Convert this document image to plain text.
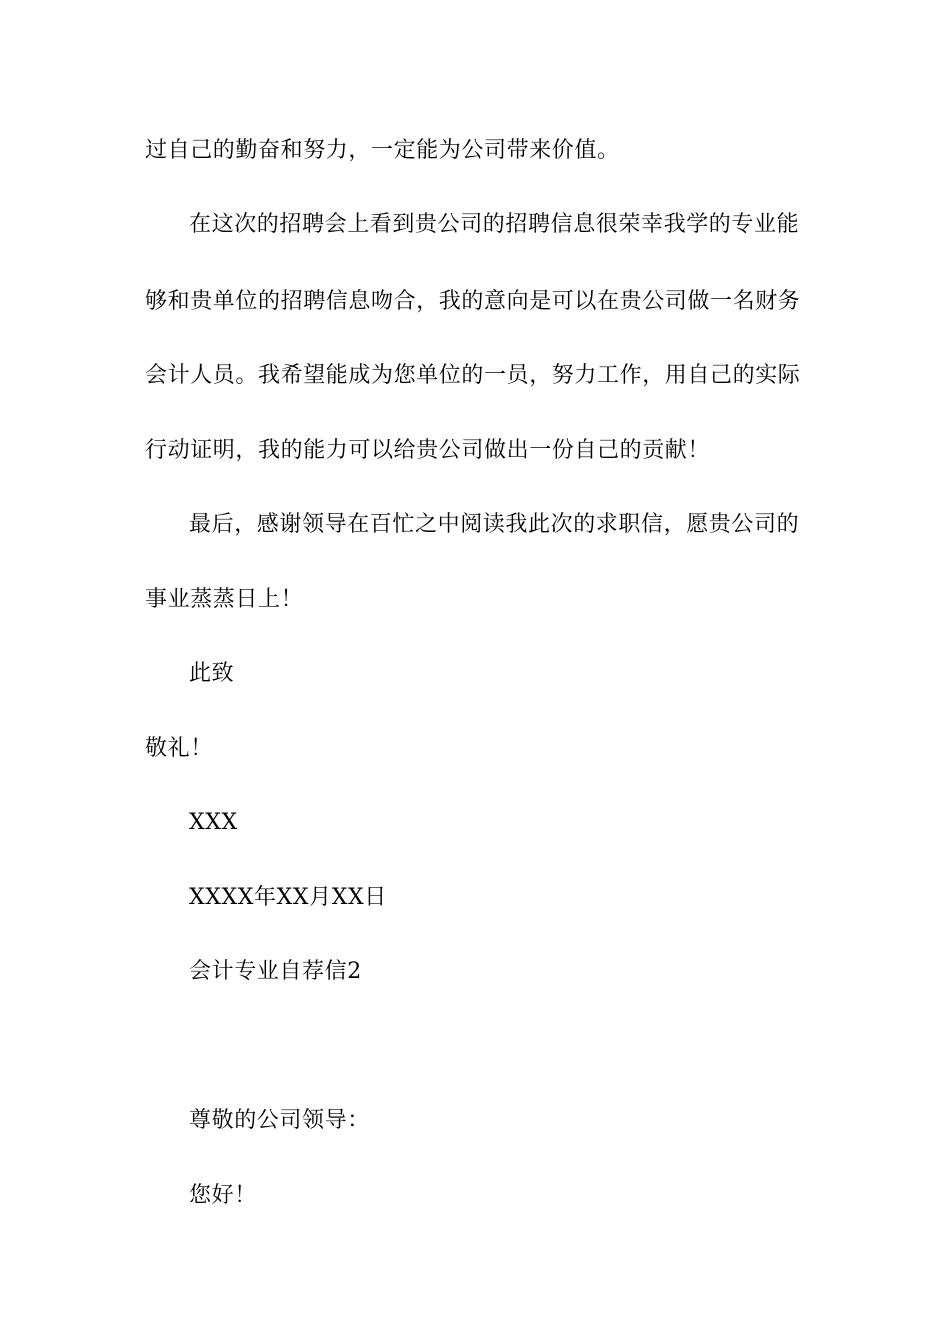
过自己的勤奋和努力，一定能为公司带来价值。
在这次的招聘会上看到贵公司的招聘信息很荣幸我学的专业能
够和贵单位的招聘信息吻合，我的意向是可以在贵公司做一名财务
会计人员。我希望能成为您单位的一员，努力工作，用自己的实际
行动证明，我的能力可以给贵公司做出一份自己的贡献！
最后，感谢领导在百忙之中阅读我此次的求职信，愿贵公司的
事业蒸蒸日上！
此致
敬礼！
XXX
XXXX年XX月XX日
会计专业自荐信2
尊敬的公司领导：
您好！
